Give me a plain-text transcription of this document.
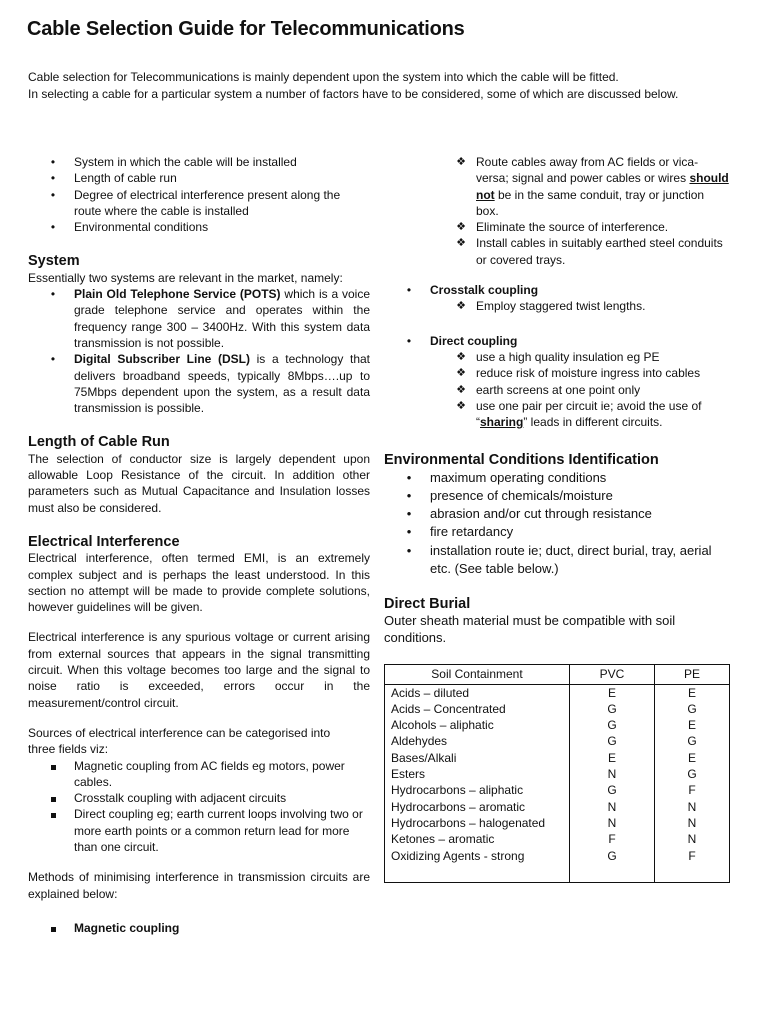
Cable Selection Guide for Telecommunications

Cable selection for Telecommunications is mainly dependent upon the system into which the cable will be fitted.

In selecting a cable for a particular system a number of factors have to be considered, some of which are discussed below.

•	System in which the cable will be installed
•	Length of cable run
•	Degree of electrical interference present along the route where the cable is installed
•	Environmental conditions
System

Essentially two systems are relevant in the market, namely:

•	Plain Old Telephone Service (POTS) which is a voice grade telephone service and operates within the frequency range 300 – 3400Hz. With this system data transmission is not possible.

•	Digital Subscriber Line (DSL) is a technology that delivers broadband speeds, typically 8Mbps….up to 75Mbps dependent upon the system, as a result data transmission is possible.

Length of Cable Run

The selection of conductor size is largely dependent upon allowable Loop Resistance of the circuit. In addition other parameters such as Mutual Capacitance and Insulation losses must also be considered.

Electrical Interference

Electrical interference, often termed EMI, is an extremely complex subject and is perhaps the least understood. In this section no attempt will be made to provide complete solutions, however guidelines will be given.

Electrical interference is any spurious voltage or current arising from external sources that appears in the signal transmitting circuit. When this voltage becomes too large and the signal to noise ratio is exceeded, errors occur in the measurement/control circuit.

Sources of electrical interference can be categorised into three fields viz:

Magnetic coupling from AC fields eg motors, power cables.
Crosstalk coupling with adjacent circuits
Direct coupling eg; earth current loops involving two or more earth points or a common return lead for more than one circuit.

Methods of minimising interference in transmission circuits are explained below:

Magnetic coupling
❖ Route cables away from AC fields or vica-versa; signal and power cables or wires should not be in the same conduit, tray or junction box.
❖ Eliminate the source of interference.
❖ Install cables in suitably earthed steel conduits or covered trays.
•	Crosstalk coupling
❖ Employ staggered twist lengths.
•	Direct coupling
❖ use a high quality insulation eg PE
❖ reduce risk of moisture ingress into cables
❖ earth screens at one point only
❖ use one pair per circuit ie; avoid the use of “sharing” leads in different circuits.
Environmental Conditions Identification
•	maximum operating conditions
•	presence of chemicals/moisture
•	abrasion and/or cut through resistance
•	fire retardancy
•	installation route ie; duct, direct burial, tray, aerial etc. (See table below.)
Direct Burial

Outer sheath material must be compatible with soil conditions.

Soil Containment	PVC	PE
Acids – diluted	E	E
Acids – Concentrated	G	G
Alcohols – aliphatic	G	E
Aldehydes	G	G
Bases/Alkali	E	E
Esters	N	G
Hydrocarbons – aliphatic	G	F
Hydrocarbons – aromatic	N	N
Hydrocarbons – halogenated	N	N
Ketones – aromatic	F	N
Oxidizing Agents - strong	G	F
